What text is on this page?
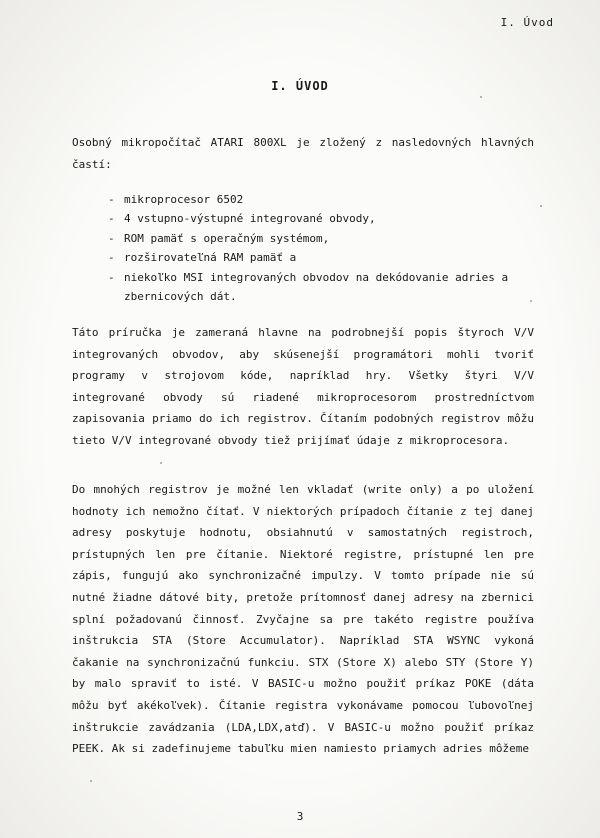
I. Úvod
I. ÚVOD

Osobný mikropočítač ATARI 800XL je zložený z nasledovných hlavných častí:

- mikroprocesor 6502
- 4 vstupno-výstupné integrované obvody,
- ROM pamäť s operačným systémom,
- rozširovateľná RAM pamäť a
- niekoľko MSI integrovaných obvodov na dekódovanie adries a zbernicových dát.

Táto príručka je zameraná hlavne na podrobnejší popis štyroch V/V integrovaných obvodov, aby skúsenejší programátori mohli tvoriť programy v strojovom kóde, napríklad hry. Všetky štyri V/V integrované obvody sú riadené mikroprocesorom prostredníctvom zapisovania priamo do ich registrov. Čítaním podobných registrov môžu tieto V/V integrované obvody tiež prijímať údaje z mikroprocesora.

Do mnohých registrov je možné len vkladať (write only) a po uložení hodnoty ich nemožno čítať. V niektorých prípadoch čítanie z tej danej adresy poskytuje hodnotu, obsiahnutú v samostatných registroch, prístupných len pre čítanie. Niektoré registre, prístupné len pre zápis, fungujú ako synchronizačné impulzy. V tomto prípade nie sú nutné žiadne dátové bity, pretože prítomnosť danej adresy na zbernici splní požadovanú činnosť. Zvyčajne sa pre takéto registre používa inštrukcia STA (Store Accumulator). Napríklad STA WSYNC vykoná čakanie na synchronizačnú funkciu. STX (Store X) alebo STY (Store Y) by malo spraviť to isté. V BASIC-u možno použiť príkaz POKE (dáta môžu byť akékoľvek). Čítanie registra vykonávame pomocou ľubovoľnej inštrukcie zavádzania (LDA,LDX,atď). V BASIC-u možno použiť príkaz PEEK. Ak si zadefinujeme tabuľku mien namiesto priamych adries môžeme

3
